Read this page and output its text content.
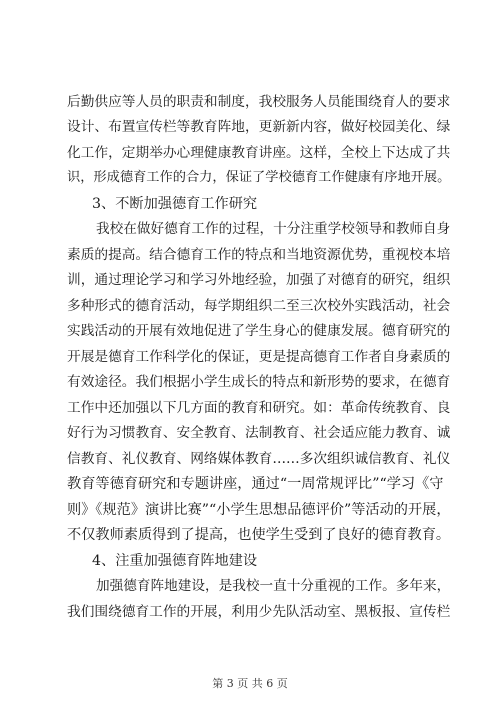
后勤供应等人员的职责和制度，我校服务人员能围绕育人的要求
设计、布置宣传栏等教育阵地，更新新内容，做好校园美化、绿
化工作，定期举办心理健康教育讲座。这样，全校上下达成了共
识，形成德育工作的合力，保证了学校德育工作健康有序地开展。
3、不断加强德育工作研究
我校在做好德育工作的过程，十分注重学校领导和教师自身
素质的提高。结合德育工作的特点和当地资源优势，重视校本培
训，通过理论学习和学习外地经验，加强了对德育的研究，组织
多种形式的德育活动，每学期组织二至三次校外实践活动，社会
实践活动的开展有效地促进了学生身心的健康发展。德育研究的
开展是德育工作科学化的保证，更是提高德育工作者自身素质的
有效途径。我们根据小学生成长的特点和新形势的要求，在德育
工作中还加强以下几方面的教育和研究。如：革命传统教育、良
好行为习惯教育、安全教育、法制教育、社会适应能力教育、诚
信教育、礼仪教育、网络媒体教育……多次组织诚信教育、礼仪
教育等德育研究和专题讲座，通过“一周常规评比”“学习《守
则》《规范》演讲比赛”“小学生思想品德评价”等活动的开展，
不仅教师素质得到了提高，也使学生受到了良好的德育教育。
4、注重加强德育阵地建设
加强德育阵地建设，是我校一直十分重视的工作。多年来，
我们围绕德育工作的开展，利用少先队活动室、黑板报、宣传栏
第 3 页 共 6 页
